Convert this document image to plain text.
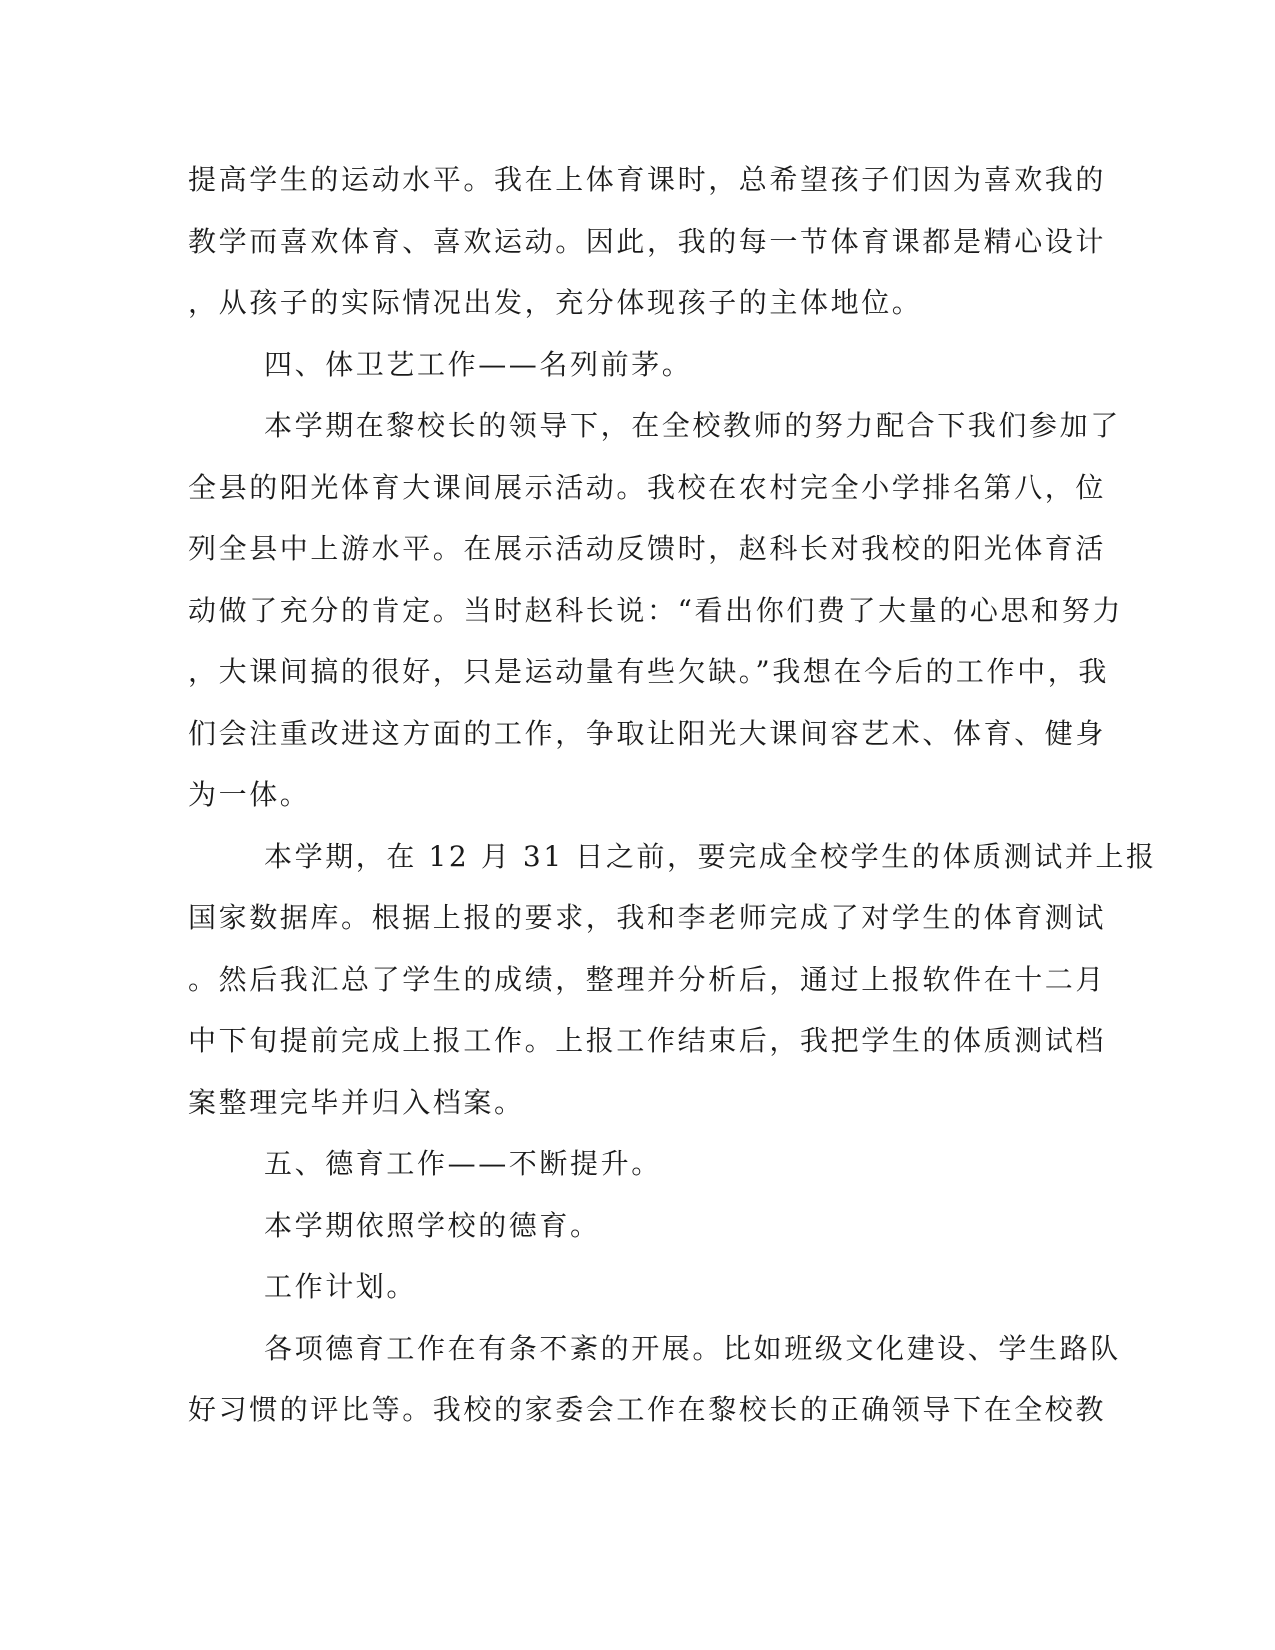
提高学生的运动水平。我在上体育课时，总希望孩子们因为喜欢我的
教学而喜欢体育、喜欢运动。因此，我的每一节体育课都是精心设计
，从孩子的实际情况出发，充分体现孩子的主体地位。
四、体卫艺工作——名列前茅。
本学期在黎校长的领导下，在全校教师的努力配合下我们参加了
全县的阳光体育大课间展示活动。我校在农村完全小学排名第八，位
列全县中上游水平。在展示活动反馈时，赵科长对我校的阳光体育活
动做了充分的肯定。当时赵科长说：“看出你们费了大量的心思和努力
，大课间搞的很好，只是运动量有些欠缺。”我想在今后的工作中，我
们会注重改进这方面的工作，争取让阳光大课间容艺术、体育、健身
为一体。
本学期，在 12 月 31 日之前，要完成全校学生的体质测试并上报
国家数据库。根据上报的要求，我和李老师完成了对学生的体育测试
。然后我汇总了学生的成绩，整理并分析后，通过上报软件在十二月
中下旬提前完成上报工作。上报工作结束后，我把学生的体质测试档
案整理完毕并归入档案。
五、德育工作——不断提升。
本学期依照学校的德育。
工作计划。
各项德育工作在有条不紊的开展。比如班级文化建设、学生路队
好习惯的评比等。我校的家委会工作在黎校长的正确领导下在全校教
